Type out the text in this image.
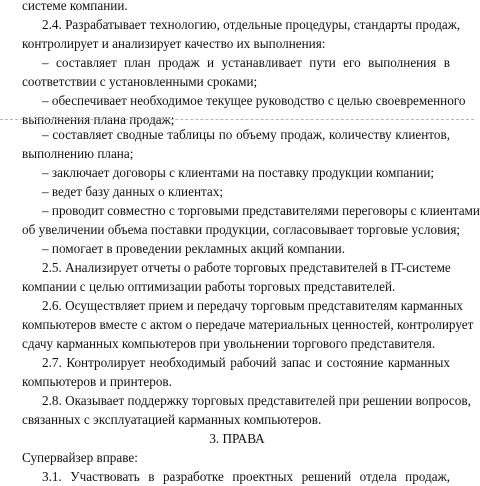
системе компании.
2.4. Разрабатывает технологию, отдельные процедуры, стандарты продаж,
контролирует и анализирует качество их выполнения:
– составляет план продаж и устанавливает пути его выполнения в
соответствии с установленными сроками;
– обеспечивает необходимое текущее руководство с целью своевременного
выполнения плана продаж;
– составляет сводные таблицы по объему продаж, количеству клиентов,
выполнению плана;
– заключает договоры с клиентами на поставку продукции компании;
– ведет базу данных о клиентах;
– проводит совместно с торговыми представителями переговоры с клиентами
об увеличении объема поставки продукции, согласовывает торговые условия;
– помогает в проведении рекламных акций компании.
2.5. Анализирует отчеты о работе торговых представителей в IT-системе
компании с целью оптимизации работы торговых представителей.
2.6. Осуществляет прием и передачу торговым представителям карманных
компьютеров вместе с актом о передаче материальных ценностей, контролирует
сдачу карманных компьютеров при увольнении торгового представителя.
2.7. Контролирует необходимый рабочий запас и состояние карманных
компьютеров и принтеров.
2.8. Оказывает поддержку торговых представителей при решении вопросов,
связанных с эксплуатацией карманных компьютеров.
3. ПРАВА
Супервайзер вправе:
3.1. Участвовать в разработке проектных решений отдела продаж,
